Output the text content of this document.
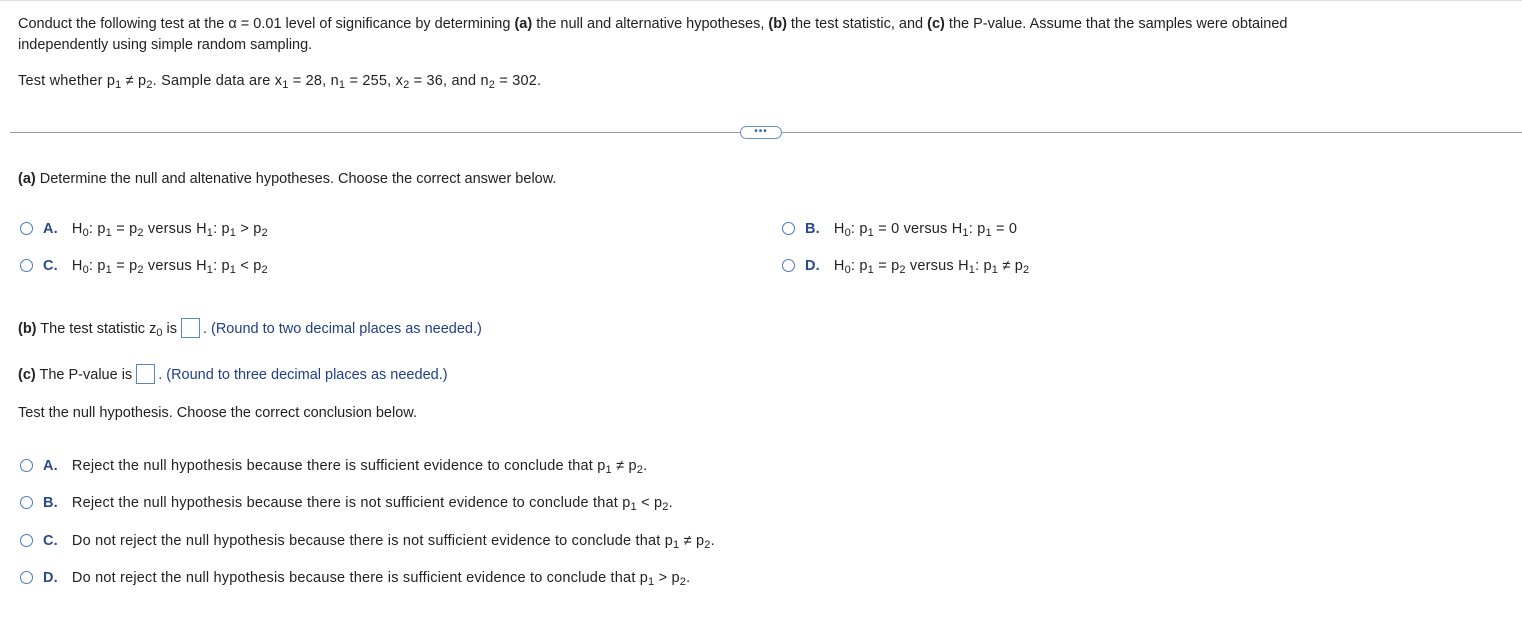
Conduct the following test at the α = 0.01 level of significance by determining (a) the null and alternative hypotheses, (b) the test statistic, and (c) the P-value. Assume that the samples were obtained
independently using simple random sampling.
Test whether $p_1 \ne p_2$. Sample data are $x_1 = 28$, $n_1 = 255$, $x_2 = 36$, and $n_2 = 302$.
•••
(a) Determine the null and altenative hypotheses. Choose the correct answer below.
A. $H_0$: $p_1 = p_2$ versus $H_1$: $p_1 > p_2$	B. $H_0$: $p_1 = 0$ versus $H_1$: $p_1 = 0$
C. $H_0$: $p_1 = p_2$ versus $H_1$: $p_1 < p_2$	D. $H_0$: $p_1 = p_2$ versus $H_1$: $p_1 \ne p_2$
(b) The test statistic $z_0$ is . (Round to two decimal places as needed.)
(c) The P-value is . (Round to three decimal places as needed.)
Test the null hypothesis. Choose the correct conclusion below.
A. Reject the null hypothesis because there is sufficient evidence to conclude that $p_1 \ne p_2$.
B. Reject the null hypothesis because there is not sufficient evidence to conclude that $p_1 < p_2$.
C. Do not reject the null hypothesis because there is not sufficient evidence to conclude that $p_1 \ne p_2$.
D. Do not reject the null hypothesis because there is sufficient evidence to conclude that $p_1 > p_2$.
